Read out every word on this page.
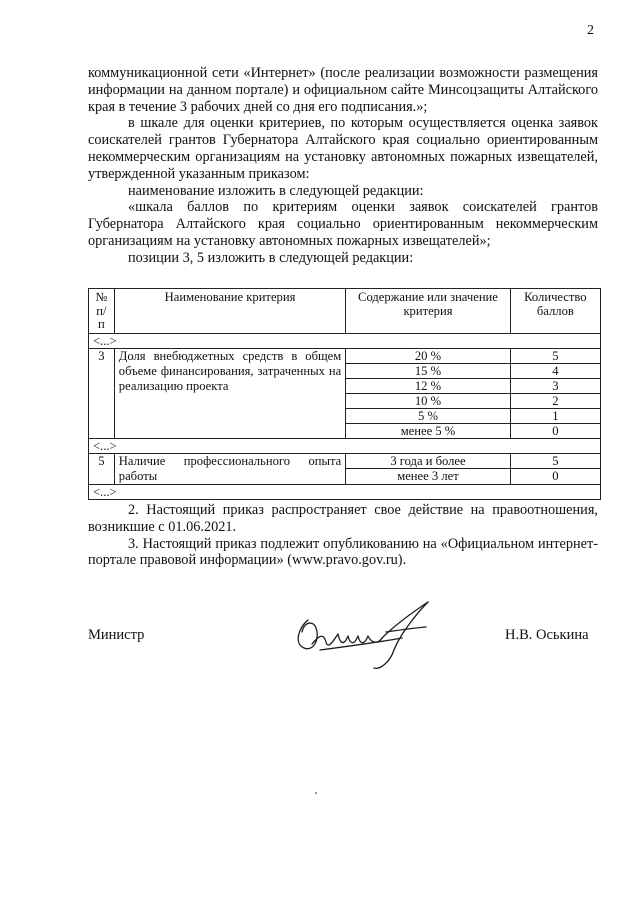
2

коммуникационной сети «Интернет» (после реализации возможности размещения информации на данном портале) и официальном сайте Минсоцзащиты Алтайского края в течение 3 рабочих дней со дня его подписания.»;

в шкале для оценки критериев, по которым осуществляется оценка заявок соискателей грантов Губернатора Алтайского края социально ориентированным некоммерческим организациям на установку автономных пожарных извещателей, утвержденной указанным приказом:

наименование изложить в следующей редакции:

«шкала баллов по критериям оценки заявок соискателей грантов Губернатора Алтайского края социально ориентированным некоммерческим организациям на установку автономных пожарных извещателей»;

позиции 3, 5 изложить в следующей редакции:

№ п/п	Наименование критерия	Содержание или значение критерия	Количество баллов
<...>			
3	Доля внебюджетных средств в общем объеме финансирования, затраченных на реализацию проекта	20 %	5
		15 %	4
		12 %	3
		10 %	2
		5 %	1
		менее 5 %	0
<...>			
5	Наличие профессионального опыта работы	3 года и более	5
		менее 3 лет	0
<...>			

2. Настоящий приказ распространяет свое действие на правоотношения, возникшие с 01.06.2021.

3. Настоящий приказ подлежит опубликованию на «Официальном интернет-портале правовой информации» (www.pravo.gov.ru).

Министр	Н.В. Оськина
